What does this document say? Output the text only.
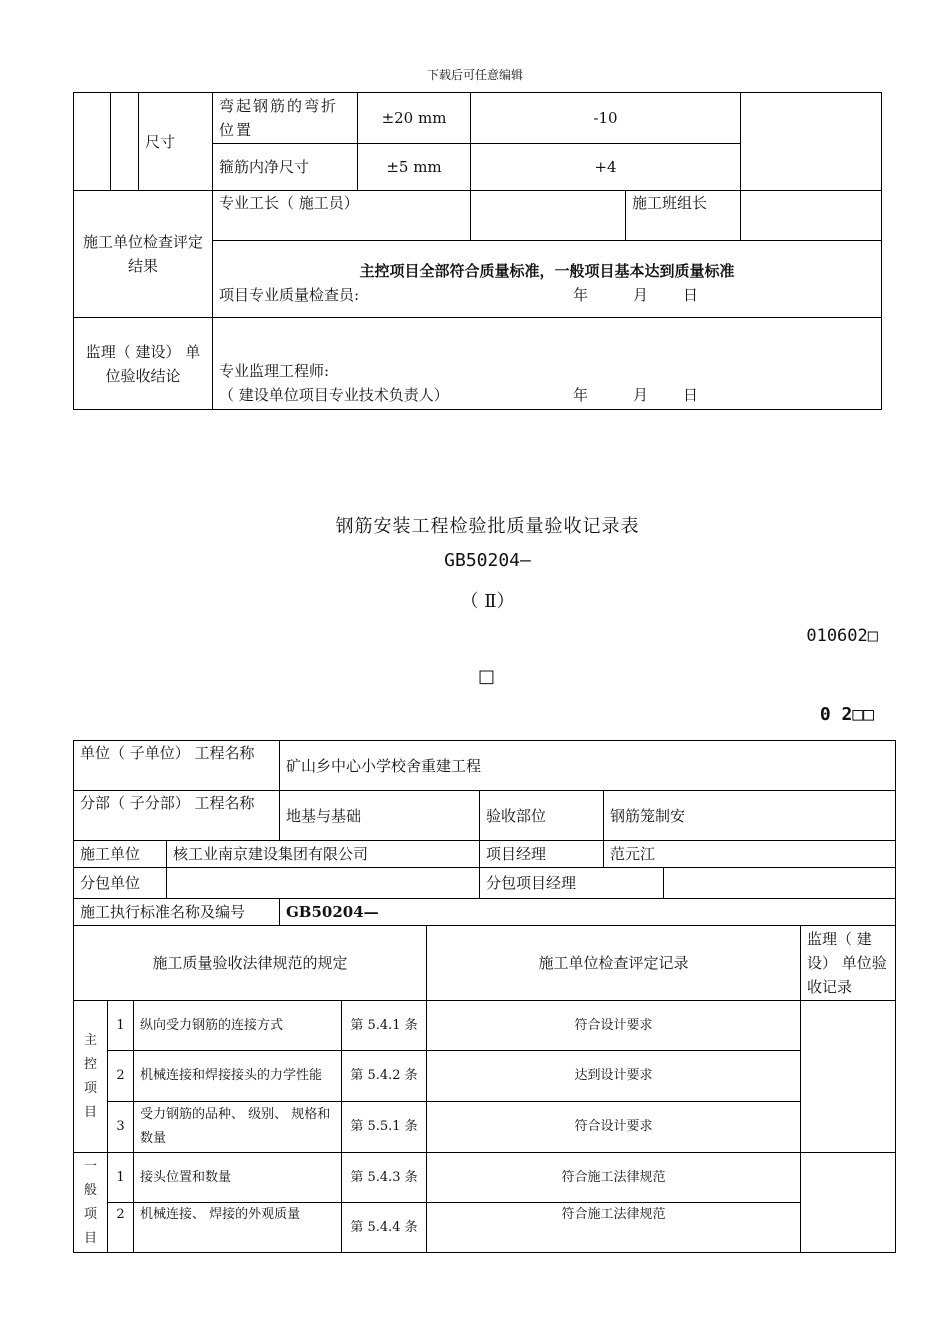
下载后可任意编辑
		尺寸	弯起钢筋的弯折位置	±20 mm	-10		
			箍筋内净尺寸	±5 mm	+4		
施工单位检查评定结果			专业工长（ 施工员）			施工班组长	

			主控项目全部符合质量标准，一般项目基本达到质量标准
项目专业质量检查员: 年 月 日				

监理（ 建设） 单位验收结论			专业监理工程师:
（ 建设单位项目专业技术负责人） 年 月 日				
钢筋安装工程检验批质量验收记录表
GB50204—
（ Ⅱ）
010602□
□
0 2□□
单位（ 子单位） 工程名称		矿山乡中心小学校舍重建工程			
分部（ 子分部） 工程名称		地基与基础	验收部位	钢筋笼制安	
施工单位	核工业南京建设集团有限公司		项目经理	范元江	
分包单位			分包项目经理		
施工执行标准名称及编号		GB50204—			
施工质量验收法律规范的规定				施工单位检查评定记录	监理（ 建设） 单位验收记录

主控项目	1	纵向受力钢筋的连接方式	第 5.4.1 条	符合设计要求	
	2	机械连接和焊接接头的力学性能	第 5.4.2 条	达到设计要求	
	3	受力钢筋的品种、 级别、 规格和数量	第 5.5.1 条	符合设计要求	

一般项目	1	接头位置和数量	第 5.4.3 条	符合施工法律规范	
	2	机械连接、 焊接的外观质量	第 5.4.4 条	符合施工法律规范	
